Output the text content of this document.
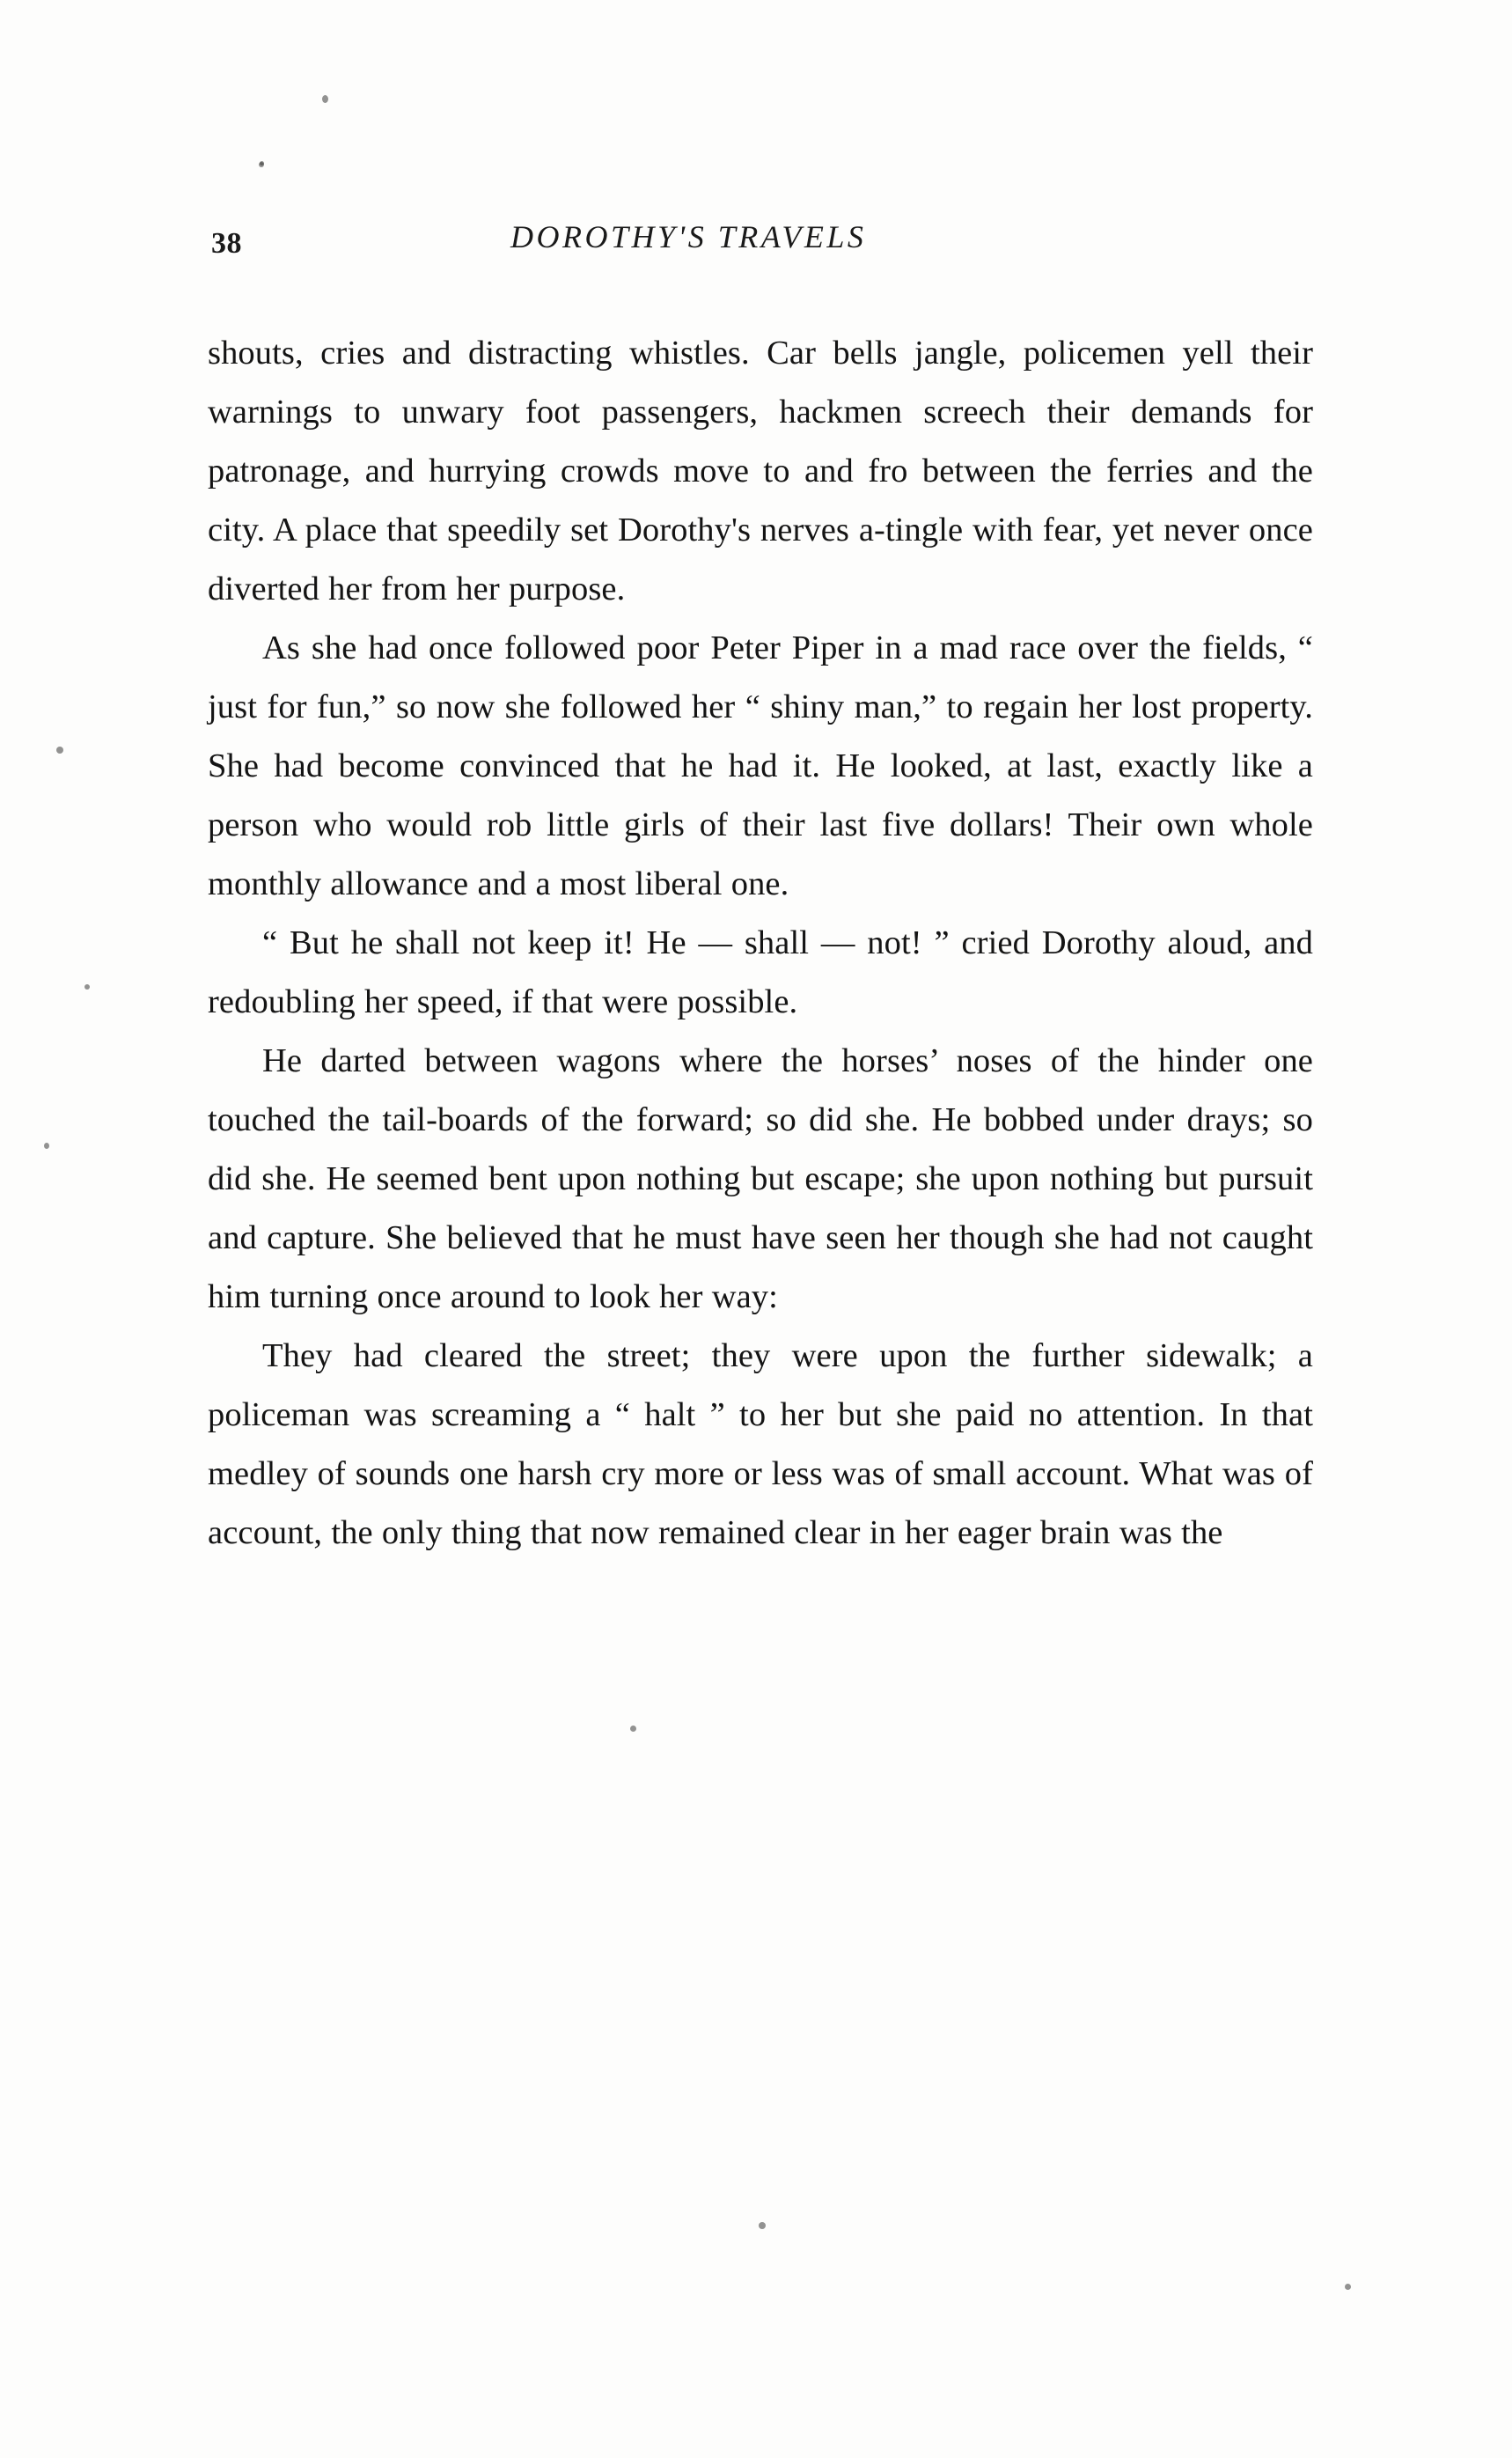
38	DOROTHY'S TRAVELS

shouts, cries and distracting whistles. Car bells jangle, policemen yell their warnings to unwary foot passengers, hackmen screech their demands for patronage, and hurrying crowds move to and fro between the ferries and the city. A place that speedily set Dorothy's nerves a-tingle with fear, yet never once diverted her from her purpose.

As she had once followed poor Peter Piper in a mad race over the fields, “ just for fun,” so now she followed her “ shiny man,” to regain her lost property. She had become convinced that he had it. He looked, at last, exactly like a person who would rob little girls of their last five dollars! Their own whole monthly allowance and a most liberal one.

“ But he shall not keep it! He — shall — not! ” cried Dorothy aloud, and redoubling her speed, if that were possible.

He darted between wagons where the horses’ noses of the hinder one touched the tail-boards of the forward; so did she. He bobbed under drays; so did she. He seemed bent upon nothing but escape; she upon nothing but pursuit and capture. She believed that he must have seen her though she had not caught him turning once around to look her way:

They had cleared the street; they were upon the further sidewalk; a policeman was screaming a “ halt ” to her but she paid no attention. In that medley of sounds one harsh cry more or less was of small account. What was of account, the only thing that now remained clear in her eager brain was the
